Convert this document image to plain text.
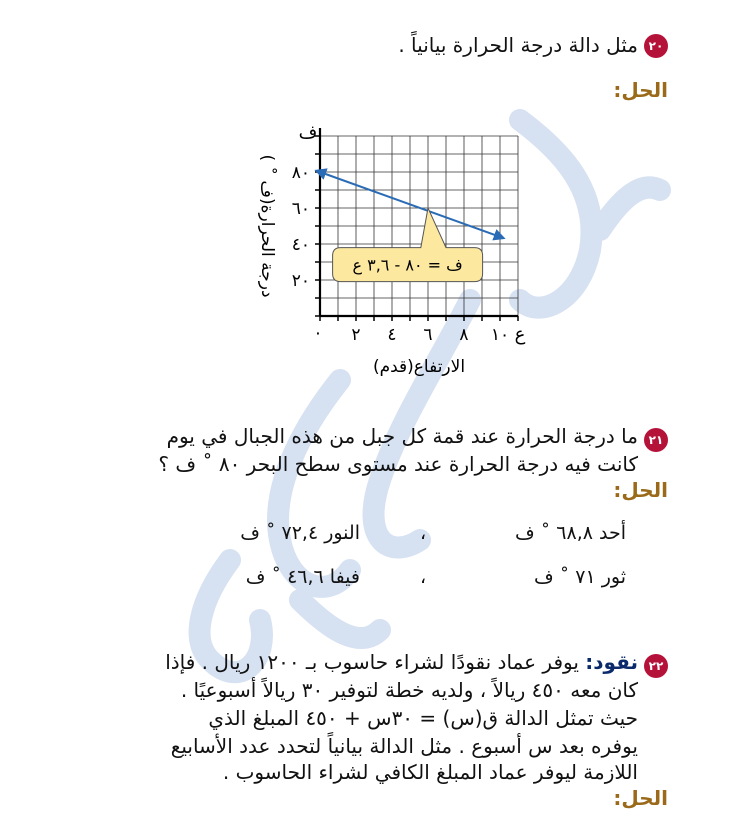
٢٠
مثل دالة درجة الحرارة بيانياً .
الحل:
ف = ٨٠ - ٣,٦ ع
٢٠
٤٠
٦٠
٨٠
٢ ٤ ٦ ٨ ١٠
٠
ف
ع
الارتفاع(قدم)
درجة الحرارة(ف ˚ )
٢١
ما درجة الحرارة عند قمة كل جبل من هذه الجبال في يوم
كانت فيه درجة الحرارة عند مستوى سطح البحر ٨٠ ˚ ف ؟
الحل:
أحد ٦٨,٨ ˚ ف
،
النور ٧٢,٤ ˚ ف
ثور ٧١ ˚ ف
،
فيفا ٤٦,٦ ˚ ف
٢٢
نقود: يوفر عماد نقودًا لشراء حاسوب بـ ١٢٠٠ ريال . فإذا
كان معه ٤٥٠ ريالاً ، ولديه خطة لتوفير ٣٠ ريالاً أسبوعيًا .
حيث تمثل الدالة ق(س) = ٣٠س + ٤٥٠ المبلغ الذي
يوفره بعد س أسبوع . مثل الدالة بيانياً لتحدد عدد الأسابيع
اللازمة ليوفر عماد المبلغ الكافي لشراء الحاسوب .
الحل:
